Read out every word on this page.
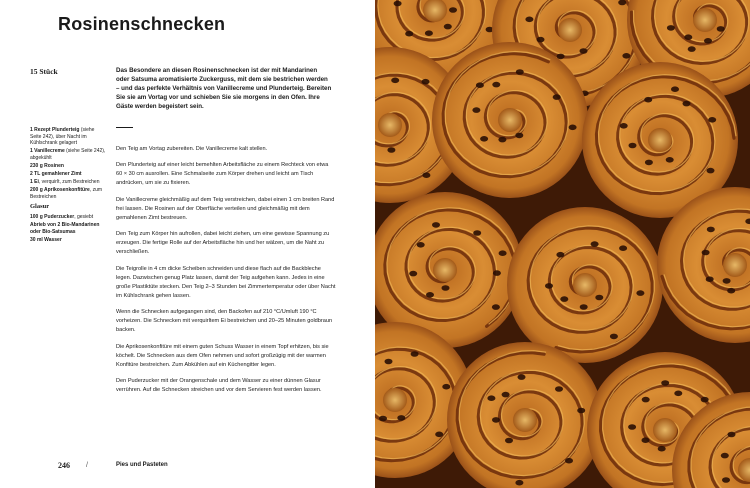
Rosinenschnecken
15 Stück
1 Rezept Plunderteig (siehe Seite 242), über Nacht im Kühlschrank gelagert
1 Vanillecreme (siehe Seite 242), abgekühlt
230 g Rosinen
2 TL gemahlener Zimt
1 Ei, verquirlt, zum Bestreichen
200 g Aprikosenkonfitüre, zum Bestreichen
Glasur
100 g Puderzucker, gesiebt
Abrieb von 2 Bio-Mandarinen oder Bio-Satsumas
30 ml Wasser

Das Besondere an diesen Rosinenschnecken ist der mit Mandarinen oder Satsuma aromatisierte Zuckerguss, mit dem sie bestrichen werden – und das perfekte Verhältnis von Vanillecreme und Plunderteig. Bereiten Sie sie am Vortag vor und schieben Sie sie morgens in den Ofen. Ihre Gäste werden begeistert sein.

Den Teig am Vortag zubereiten. Die Vanillecreme kalt stellen.

Den Plunderteig auf einer leicht bemehlten Arbeitsfläche zu einem Rechteck von etwa 60 × 30 cm ausrollen. Eine Schmalseite zum Körper drehen und leicht am Tisch andrücken, um sie zu fixieren.

Die Vanillecreme gleichmäßig auf dem Teig verstreichen, dabei einen 1 cm breiten Rand frei lassen. Die Rosinen auf der Oberfläche verteilen und gleichmäßig mit dem gemahlenen Zimt bestreuen.

Den Teig zum Körper hin aufrollen, dabei leicht ziehen, um eine gewisse Spannung zu erzeugen. Die fertige Rolle auf der Arbeitsfläche hin und her wälzen, um die Naht zu verschließen.

Die Teigrolle in 4 cm dicke Scheiben schneiden und diese flach auf die Backbleche legen. Dazwischen genug Platz lassen, damit der Teig aufgehen kann. Jedes in eine große Plastiktüte stecken. Den Teig 2–3 Stunden bei Zimmertemperatur oder über Nacht im Kühlschrank gehen lassen.

Wenn die Schnecken aufgegangen sind, den Backofen auf 210 °C/Umluft 190 °C vorheizen. Die Schnecken mit verquirltem Ei bestreichen und 20–25 Minuten goldbraun backen.

Die Aprikosenkonfitüre mit einem guten Schuss Wasser in einem Topf erhitzen, bis sie köchelt. Die Schnecken aus dem Ofen nehmen und sofort großzügig mit der warmen Konfitüre bestreichen. Zum Abkühlen auf ein Küchengitter legen.

Den Puderzucker mit der Orangenschale und dem Wasser zu einer dünnen Glasur verrühren. Auf die Schnecken streichen und vor dem Servieren fest werden lassen.

246 /	Pies und Pasteten
